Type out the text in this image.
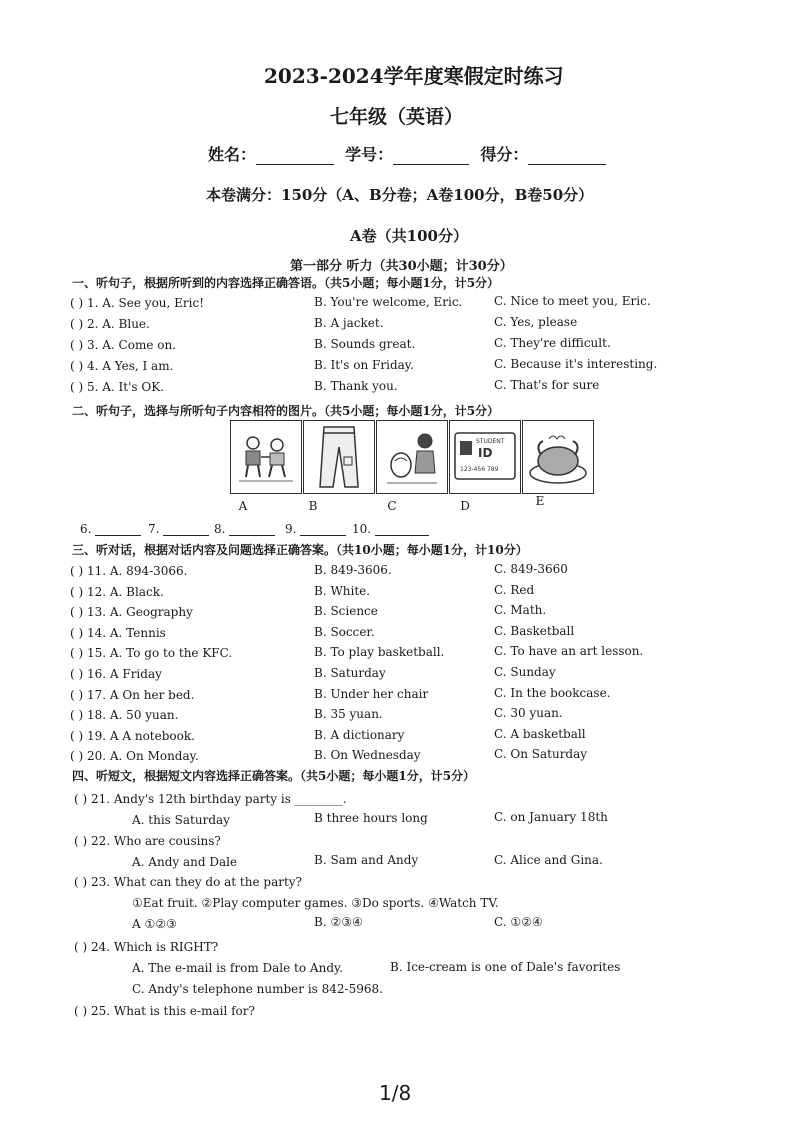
2023-2024学年度寒假定时练习
七年级（英语）
姓名：	学号：	得分：
本卷满分：150分（A、B分卷；A卷100分，B卷50分）
A卷（共100分）
第一部分 听力（共30小题；计30分）
一、听句子，根据所听到的内容选择正确答语。（共5小题；每小题1分，计5分）
( ) 1. A. See you, Eric!	B. You're welcome, Eric.	C. Nice to meet you, Eric.
( ) 2. A. Blue.	B. A jacket.	C. Yes, please
( ) 3. A. Come on.	B. Sounds great.	C. They're difficult.
( ) 4. A Yes, I am.	B. It's on Friday.	C. Because it's interesting.
( ) 5. A. It's OK.	B. Thank you.	C. That's for sure
二、听句子，选择与所听句子内容相符的图片。（共5小题；每小题1分，计5分）
STUDENT
ID
123-456 789
A	B	C	D	E
6.	7.	8.	9.	10.
三、听对话，根据对话内容及问题选择正确答案。（共10小题；每小题1分，计10分）
( ) 11. A. 894-3066.	B. 849-3606.	C. 849-3660
( ) 12. A. Black.	B. White.	C. Red
( ) 13. A. Geography	B. Science	C. Math.
( ) 14. A. Tennis	B. Soccer.	C. Basketball
( ) 15. A. To go to the KFC.	B. To play basketball.	C. To have an art lesson.
( ) 16. A Friday	B. Saturday	C. Sunday
( ) 17. A On her bed.	B. Under her chair	C. In the bookcase.
( ) 18. A. 50 yuan.	B. 35 yuan.	C. 30 yuan.
( ) 19. A A notebook.	B. A dictionary	C. A basketball
( ) 20. A. On Monday.	B. On Wednesday	C. On Saturday
四、听短文，根据短文内容选择正确答案。（共5小题；每小题1分，计5分）
( ) 21. Andy's 12th birthday party is ________.
A. this Saturday	B three hours long	C. on January 18th
( ) 22. Who are cousins?
A. Andy and Dale	B. Sam and Andy	C. Alice and Gina.
( ) 23. What can they do at the party?
①Eat fruit. ②Play computer games. ③Do sports. ④Watch TV.
A ①②③	B. ②③④	C. ①②④
( ) 24. Which is RIGHT?
A. The e-mail is from Dale to Andy.	B. Ice-cream is one of Dale's favorites
C. Andy's telephone number is 842-5968.
( ) 25. What is this e-mail for?
1/8
